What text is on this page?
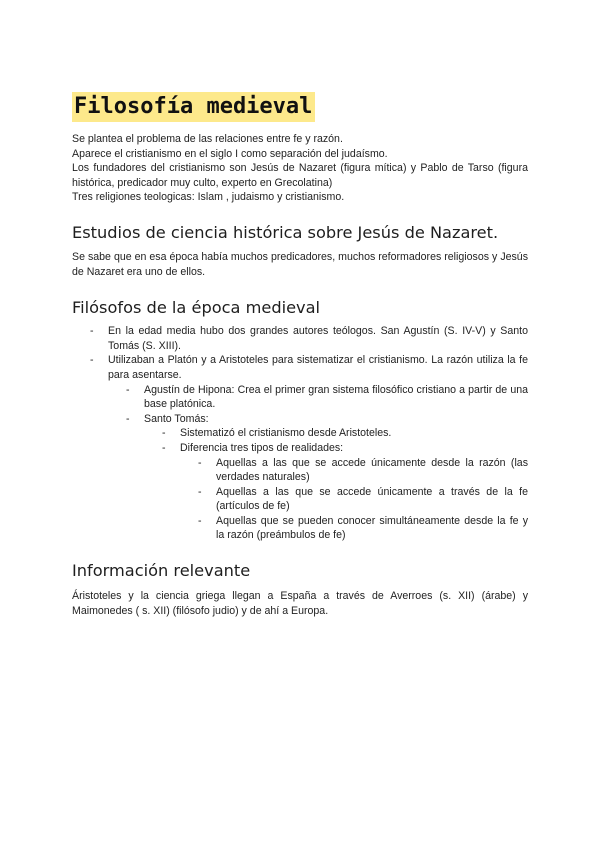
Filosofía medieval

Se plantea el problema de las relaciones entre fe y razón.

Aparece el cristianismo en el siglo I como separación del judaísmo.

Los fundadores del cristianismo son Jesús de Nazaret (figura mítica) y Pablo de Tarso (figura histórica, predicador muy culto, experto en Grecolatina)

Tres religiones teologicas: Islam , judaismo y cristianismo.

Estudios de ciencia histórica sobre Jesús de Nazaret.

Se sabe que en esa época había muchos predicadores, muchos reformadores religiosos y Jesús de Nazaret era uno de ellos.

Filósofos de la época medieval
- En la edad media hubo dos grandes autores teólogos. San Agustín (S. IV-V) y Santo Tomás (S. XIII).
- Utilizaban a Platón y a Aristoteles para sistematizar el cristianismo. La razón utiliza la fe para asentarse.
- Agustín de Hipona: Crea el primer gran sistema filosófico cristiano a partir de una base platónica.
- Santo Tomás:
- Sistematizó el cristianismo desde Aristoteles.
- Diferencia tres tipos de realidades:
- Aquellas a las que se accede únicamente desde la razón (las verdades naturales)
- Aquellas a las que se accede únicamente a través de la fe (artículos de fe)
- Aquellas que se pueden conocer simultáneamente desde la fe y la razón (preámbulos de fe)
Información relevante

Áristoteles y la ciencia griega llegan a España a través de Averroes (s. XII) (árabe) y Maimonedes ( s. XII) (filósofo judio) y de ahí a Europa.
